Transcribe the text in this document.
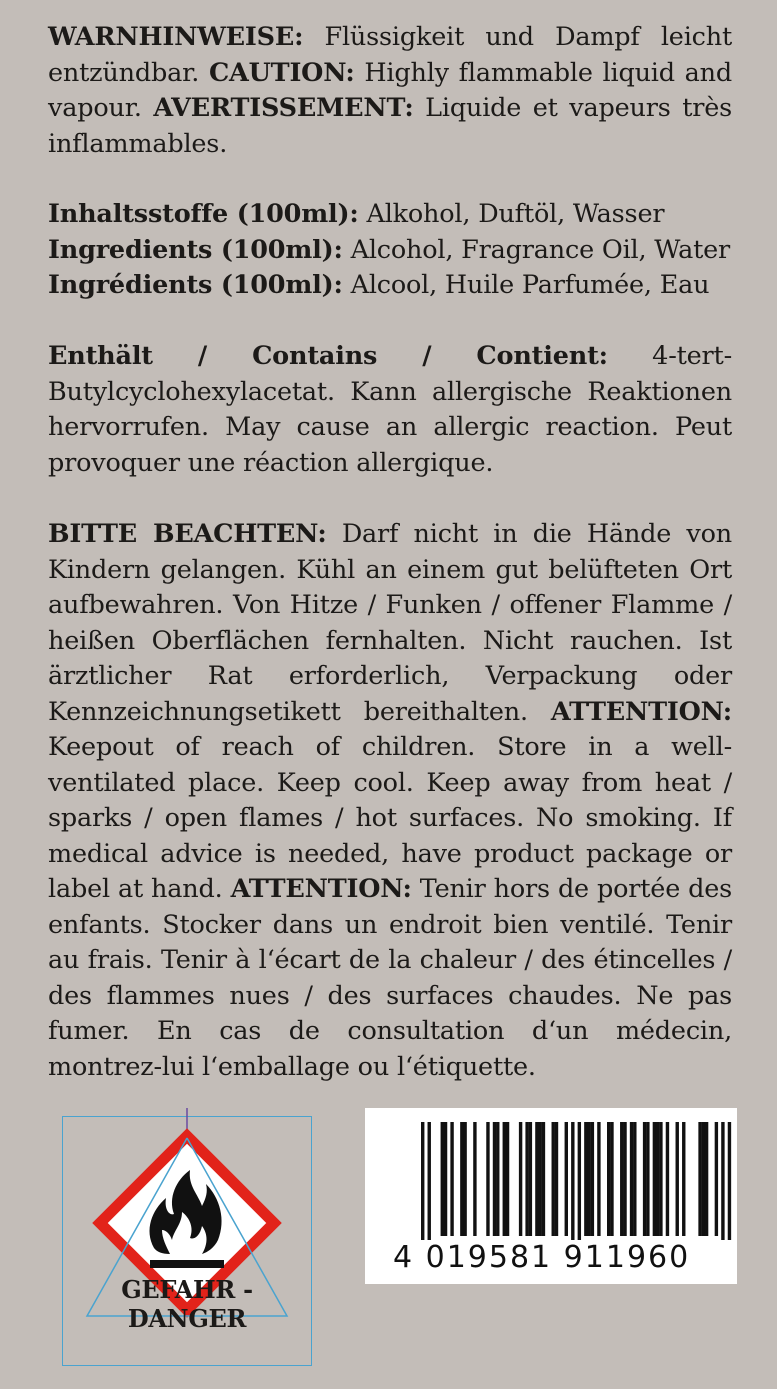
WARNHINWEISE: Flüssigkeit und Dampf leicht entzündbar. CAUTION: Highly flammable liquid and vapour. AVERTISSEMENT: Liquide et vapeurs très inflammables.
Inhaltsstoffe (100ml): Alkohol, Duftöl, Wasser
Ingredients (100ml): Alcohol, Fragrance Oil, Water
Ingrédients (100ml): Alcool, Huile Parfumée, Eau
Enthält / Contains / Contient: 4-tert-Butylcyclohexylacetat. Kann allergische Reaktionen hervorrufen. May cause an allergic reaction. Peut provoquer une réaction allergique.
BITTE BEACHTEN: Darf nicht in die Hände von Kindern gelangen. Kühl an einem gut belüfteten Ort aufbewahren. Von Hitze / Funken / offener Flamme / heißen Oberflächen fernhalten. Nicht rauchen. Ist ärztlicher Rat erforderlich, Verpackung oder Kennzeichnungsetikett bereithalten. ATTENTION: Keepout of reach of children. Store in a well-ventilated place. Keep cool. Keep away from heat / sparks / open flames / hot surfaces. No smoking. If medical advice is needed, have product package or label at hand. ATTENTION: Tenir hors de portée des enfants. Stocker dans un endroit bien ventilé. Tenir au frais. Tenir à l‘écart de la chaleur / des étincelles / des flammes nues / des surfaces chaudes. Ne pas fumer. En cas de consultation d‘un médecin, montrez-lui l‘emballage ou l‘étiquette.
GEFAHR - DANGER
4 019581 911960
